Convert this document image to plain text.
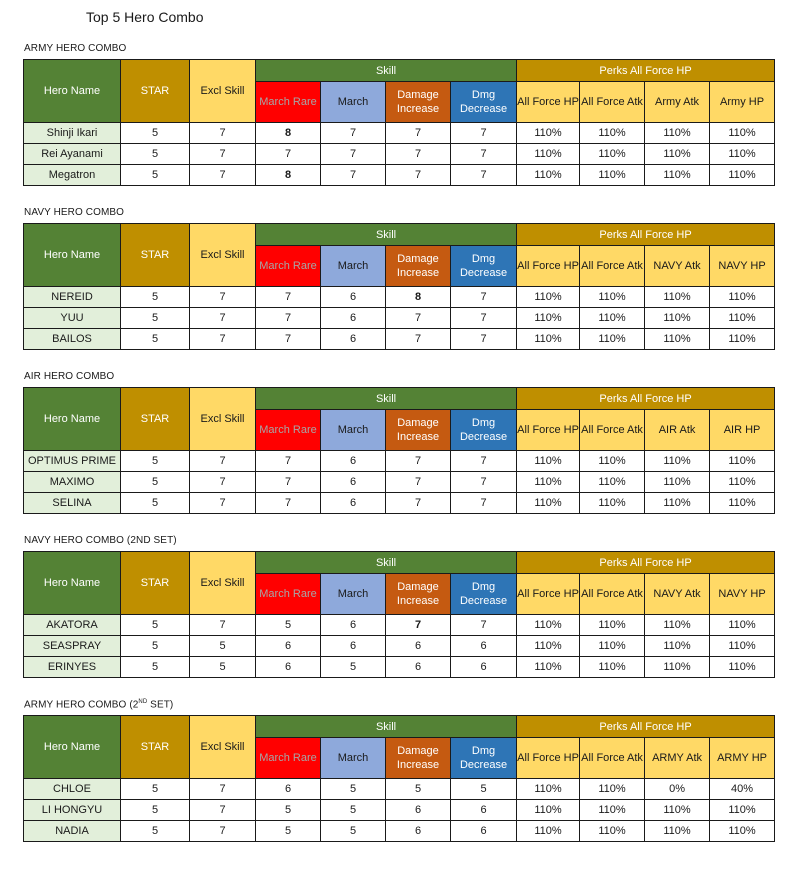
Top 5 Hero Combo
ARMY HERO COMBO
Hero Name	STAR	Excl Skill	Skill				Perks All Force HP			
			March Rare	March	Damage Increase	Dmg Decrease	All Force HP	All Force Atk	Army Atk	Army HP
Shinji Ikari	5	7	8	7	7	7	110%	110%	110%	110%
Rei Ayanami	5	7	7	7	7	7	110%	110%	110%	110%
Megatron	5	7	8	7	7	7	110%	110%	110%	110%
NAVY HERO COMBO
Hero Name	STAR	Excl Skill	Skill				Perks All Force HP			
			March Rare	March	Damage Increase	Dmg Decrease	All Force HP	All Force Atk	NAVY Atk	NAVY HP
NEREID	5	7	7	6	8	7	110%	110%	110%	110%
YUU	5	7	7	6	7	7	110%	110%	110%	110%
BAILOS	5	7	7	6	7	7	110%	110%	110%	110%
AIR HERO COMBO
Hero Name	STAR	Excl Skill	Skill				Perks All Force HP			
			March Rare	March	Damage Increase	Dmg Decrease	All Force HP	All Force Atk	AIR Atk	AIR HP
OPTIMUS PRIME	5	7	7	6	7	7	110%	110%	110%	110%
MAXIMO	5	7	7	6	7	7	110%	110%	110%	110%
SELINA	5	7	7	6	7	7	110%	110%	110%	110%
NAVY HERO COMBO (2ND SET)
Hero Name	STAR	Excl Skill	Skill				Perks All Force HP			
			March Rare	March	Damage Increase	Dmg Decrease	All Force HP	All Force Atk	NAVY Atk	NAVY HP
AKATORA	5	7	5	6	7	7	110%	110%	110%	110%
SEASPRAY	5	5	6	6	6	6	110%	110%	110%	110%
ERINYES	5	5	6	5	6	6	110%	110%	110%	110%
ARMY HERO COMBO (2ND SET)
Hero Name	STAR	Excl Skill	Skill				Perks All Force HP			
			March Rare	March	Damage Increase	Dmg Decrease	All Force HP	All Force Atk	ARMY Atk	ARMY HP
CHLOE	5	7	6	5	5	5	110%	110%	0%	40%
LI HONGYU	5	7	5	5	6	6	110%	110%	110%	110%
NADIA	5	7	5	5	6	6	110%	110%	110%	110%
